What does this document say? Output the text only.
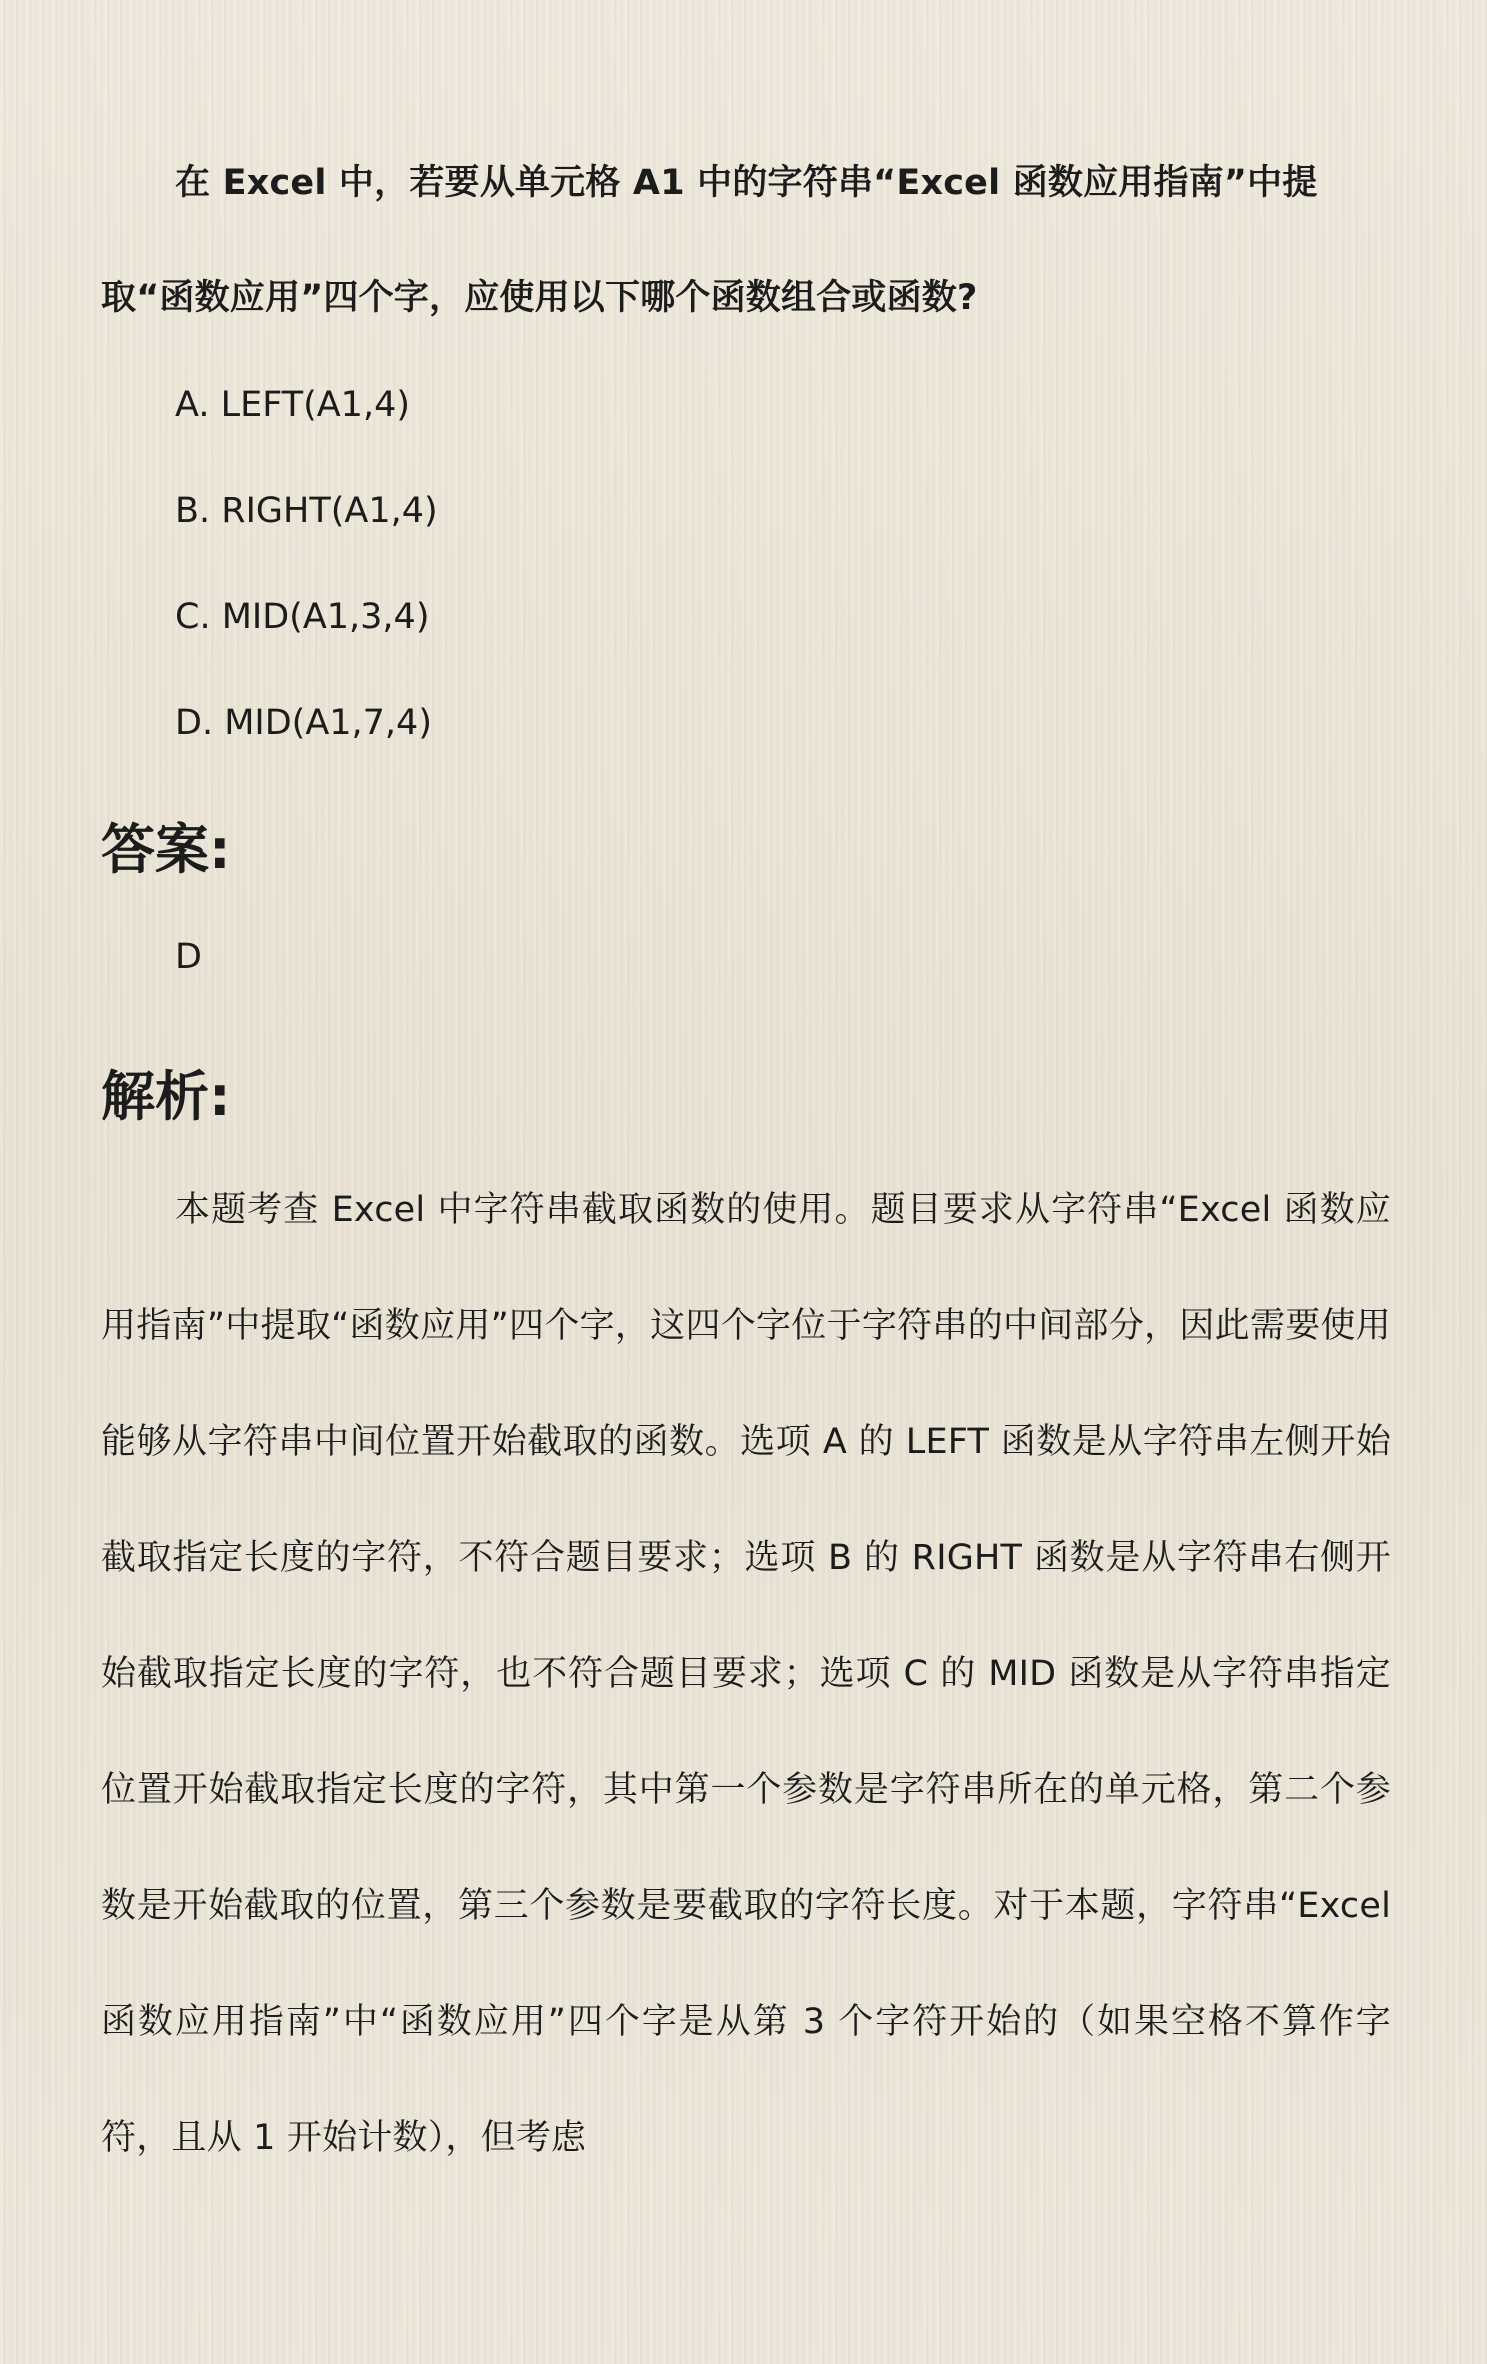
在 Excel 中，若要从单元格 A1 中的字符串“Excel 函数应用指南”中提取“函数应用”四个字，应使用以下哪个函数组合或函数?
A. LEFT(A1,4)
B. RIGHT(A1,4)
C. MID(A1,3,4)
D. MID(A1,7,4)
答案:
D
解析:
本题考查 Excel 中字符串截取函数的使用。题目要求从字符串“Excel 函数应用指南”中提取“函数应用”四个字，这四个字位于字符串的中间部分，因此需要使用能够从字符串中间位置开始截取的函数。选项 A 的 LEFT 函数是从字符串左侧开始截取指定长度的字符，不符合题目要求；选项 B 的 RIGHT 函数是从字符串右侧开始截取指定长度的字符，也不符合题目要求；选项 C 的 MID 函数是从字符串指定位置开始截取指定长度的字符，其中第一个参数是字符串所在的单元格，第二个参数是开始截取的位置，第三个参数是要截取的字符长度。对于本题，字符串“Excel 函数应用指南”中“函数应用”四个字是从第 3 个字符开始的（如果空格不算作字符，且从 1 开始计数），但考虑
